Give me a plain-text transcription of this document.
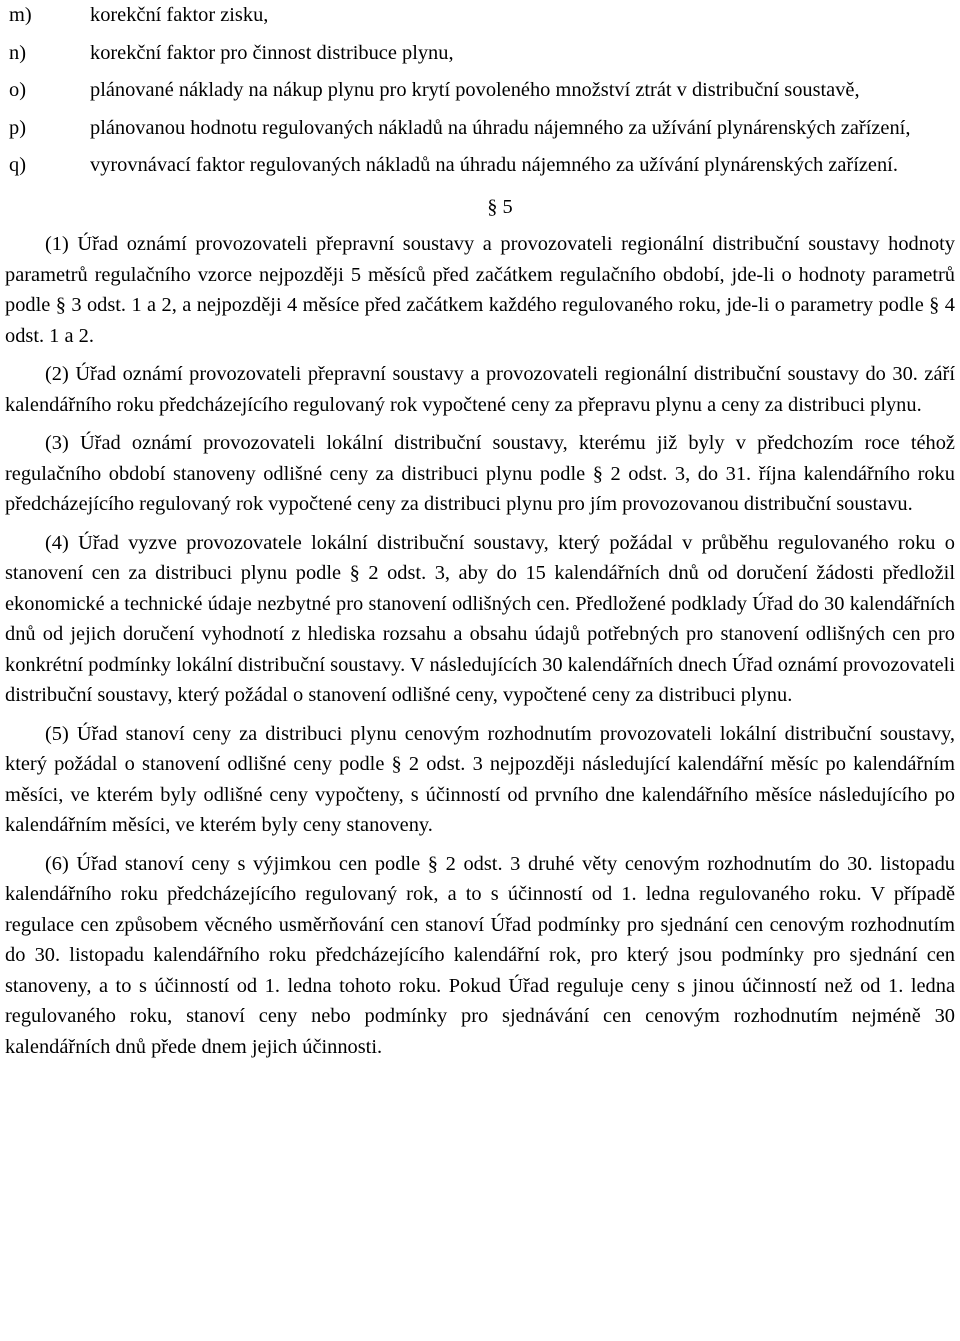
m)	korekční faktor zisku,
n)	korekční faktor pro činnost distribuce plynu,
o)	plánované náklady na nákup plynu pro krytí povoleného množství ztrát v distribuční soustavě,
p)	plánovanou hodnotu regulovaných nákladů na úhradu nájemného za užívání plynárenských zařízení,
q)	vyrovnávací faktor regulovaných nákladů na úhradu nájemného za užívání plynárenských zařízení.
§ 5

(1) Úřad oznámí provozovateli přepravní soustavy a provozovateli regionální distribuční soustavy hodnoty parametrů regulačního vzorce nejpozději 5 měsíců před začátkem regulačního období, jde-li o hodnoty parametrů podle § 3 odst. 1 a 2, a nejpozději 4 měsíce před začátkem každého regulovaného roku, jde-li o parametry podle § 4 odst. 1 a 2.

(2) Úřad oznámí provozovateli přepravní soustavy a provozovateli regionální distribuční soustavy do 30. září kalendářního roku předcházejícího regulovaný rok vypočtené ceny za přepravu plynu a ceny za distribuci plynu.

(3) Úřad oznámí provozovateli lokální distribuční soustavy, kterému již byly v předchozím roce téhož regulačního období stanoveny odlišné ceny za distribuci plynu podle § 2 odst. 3, do 31. října kalendářního roku předcházejícího regulovaný rok vypočtené ceny za distribuci plynu pro jím provozovanou distribuční soustavu.

(4) Úřad vyzve provozovatele lokální distribuční soustavy, který požádal v průběhu regulovaného roku o stanovení cen za distribuci plynu podle § 2 odst. 3, aby do 15 kalendářních dnů od doručení žádosti předložil ekonomické a technické údaje nezbytné pro stanovení odlišných cen. Předložené podklady Úřad do 30 kalendářních dnů od jejich doručení vyhodnotí z hlediska rozsahu a obsahu údajů potřebných pro stanovení odlišných cen pro konkrétní podmínky lokální distribuční soustavy. V následujících 30 kalendářních dnech Úřad oznámí provozovateli distribuční soustavy, který požádal o stanovení odlišné ceny, vypočtené ceny za distribuci plynu.

(5) Úřad stanoví ceny za distribuci plynu cenovým rozhodnutím provozovateli lokální distribuční soustavy, který požádal o stanovení odlišné ceny podle § 2 odst. 3 nejpozději následující kalendářní měsíc po kalendářním měsíci, ve kterém byly odlišné ceny vypočteny, s účinností od prvního dne kalendářního měsíce následujícího po kalendářním měsíci, ve kterém byly ceny stanoveny.

(6) Úřad stanoví ceny s výjimkou cen podle § 2 odst. 3 druhé věty cenovým rozhodnutím do 30. listopadu kalendářního roku předcházejícího regulovaný rok, a to s účinností od 1. ledna regulovaného roku. V případě regulace cen způsobem věcného usměrňování cen stanoví Úřad podmínky pro sjednání cen cenovým rozhodnutím do 30. listopadu kalendářního roku předcházejícího kalendářní rok, pro který jsou podmínky pro sjednání cen stanoveny, a to s účinností od 1. ledna tohoto roku. Pokud Úřad reguluje ceny s jinou účinností než od 1. ledna regulovaného roku, stanoví ceny nebo podmínky pro sjednávání cen cenovým rozhodnutím nejméně 30 kalendářních dnů přede dnem jejich účinnosti.
